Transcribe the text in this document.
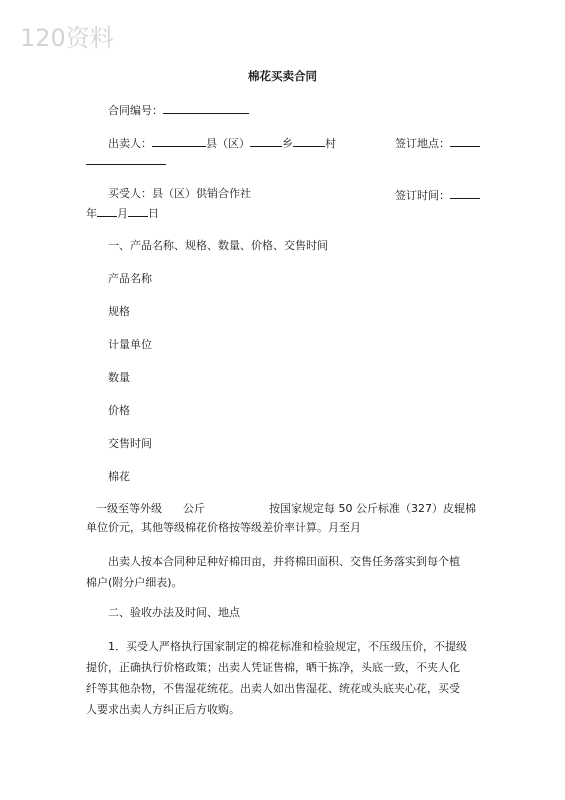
120资料
棉花买卖合同
合同编号：
出卖人：	县（区）	乡	村	签订地点：
买受人：县（区）供销合作社	签订时间：
年 月 日
一、产品名称、规格、数量、价格、交售时间
产品名称
规格
计量单位
数量
价格
交售时间
棉花
一级至等外级 公斤	按国家规定每 50 公斤标准（327）皮辊棉
单位价元，其他等级棉花价格按等级差价率计算。月至月
出卖人按本合同种足种好棉田亩，并将棉田面积、交售任务落实到每个植
棉户(附分户细表)。
二、验收办法及时间、地点
1．买受人严格执行国家制定的棉花标准和检验规定，不压级压价，不提级
提价，正确执行价格政策；出卖人凭证售棉，晒干拣净，头底一致，不夹人化
纤等其他杂物，不售湿花统花。出卖人如出售湿花、统花或头底夹心花，买受
人要求出卖人方纠正后方收购。
